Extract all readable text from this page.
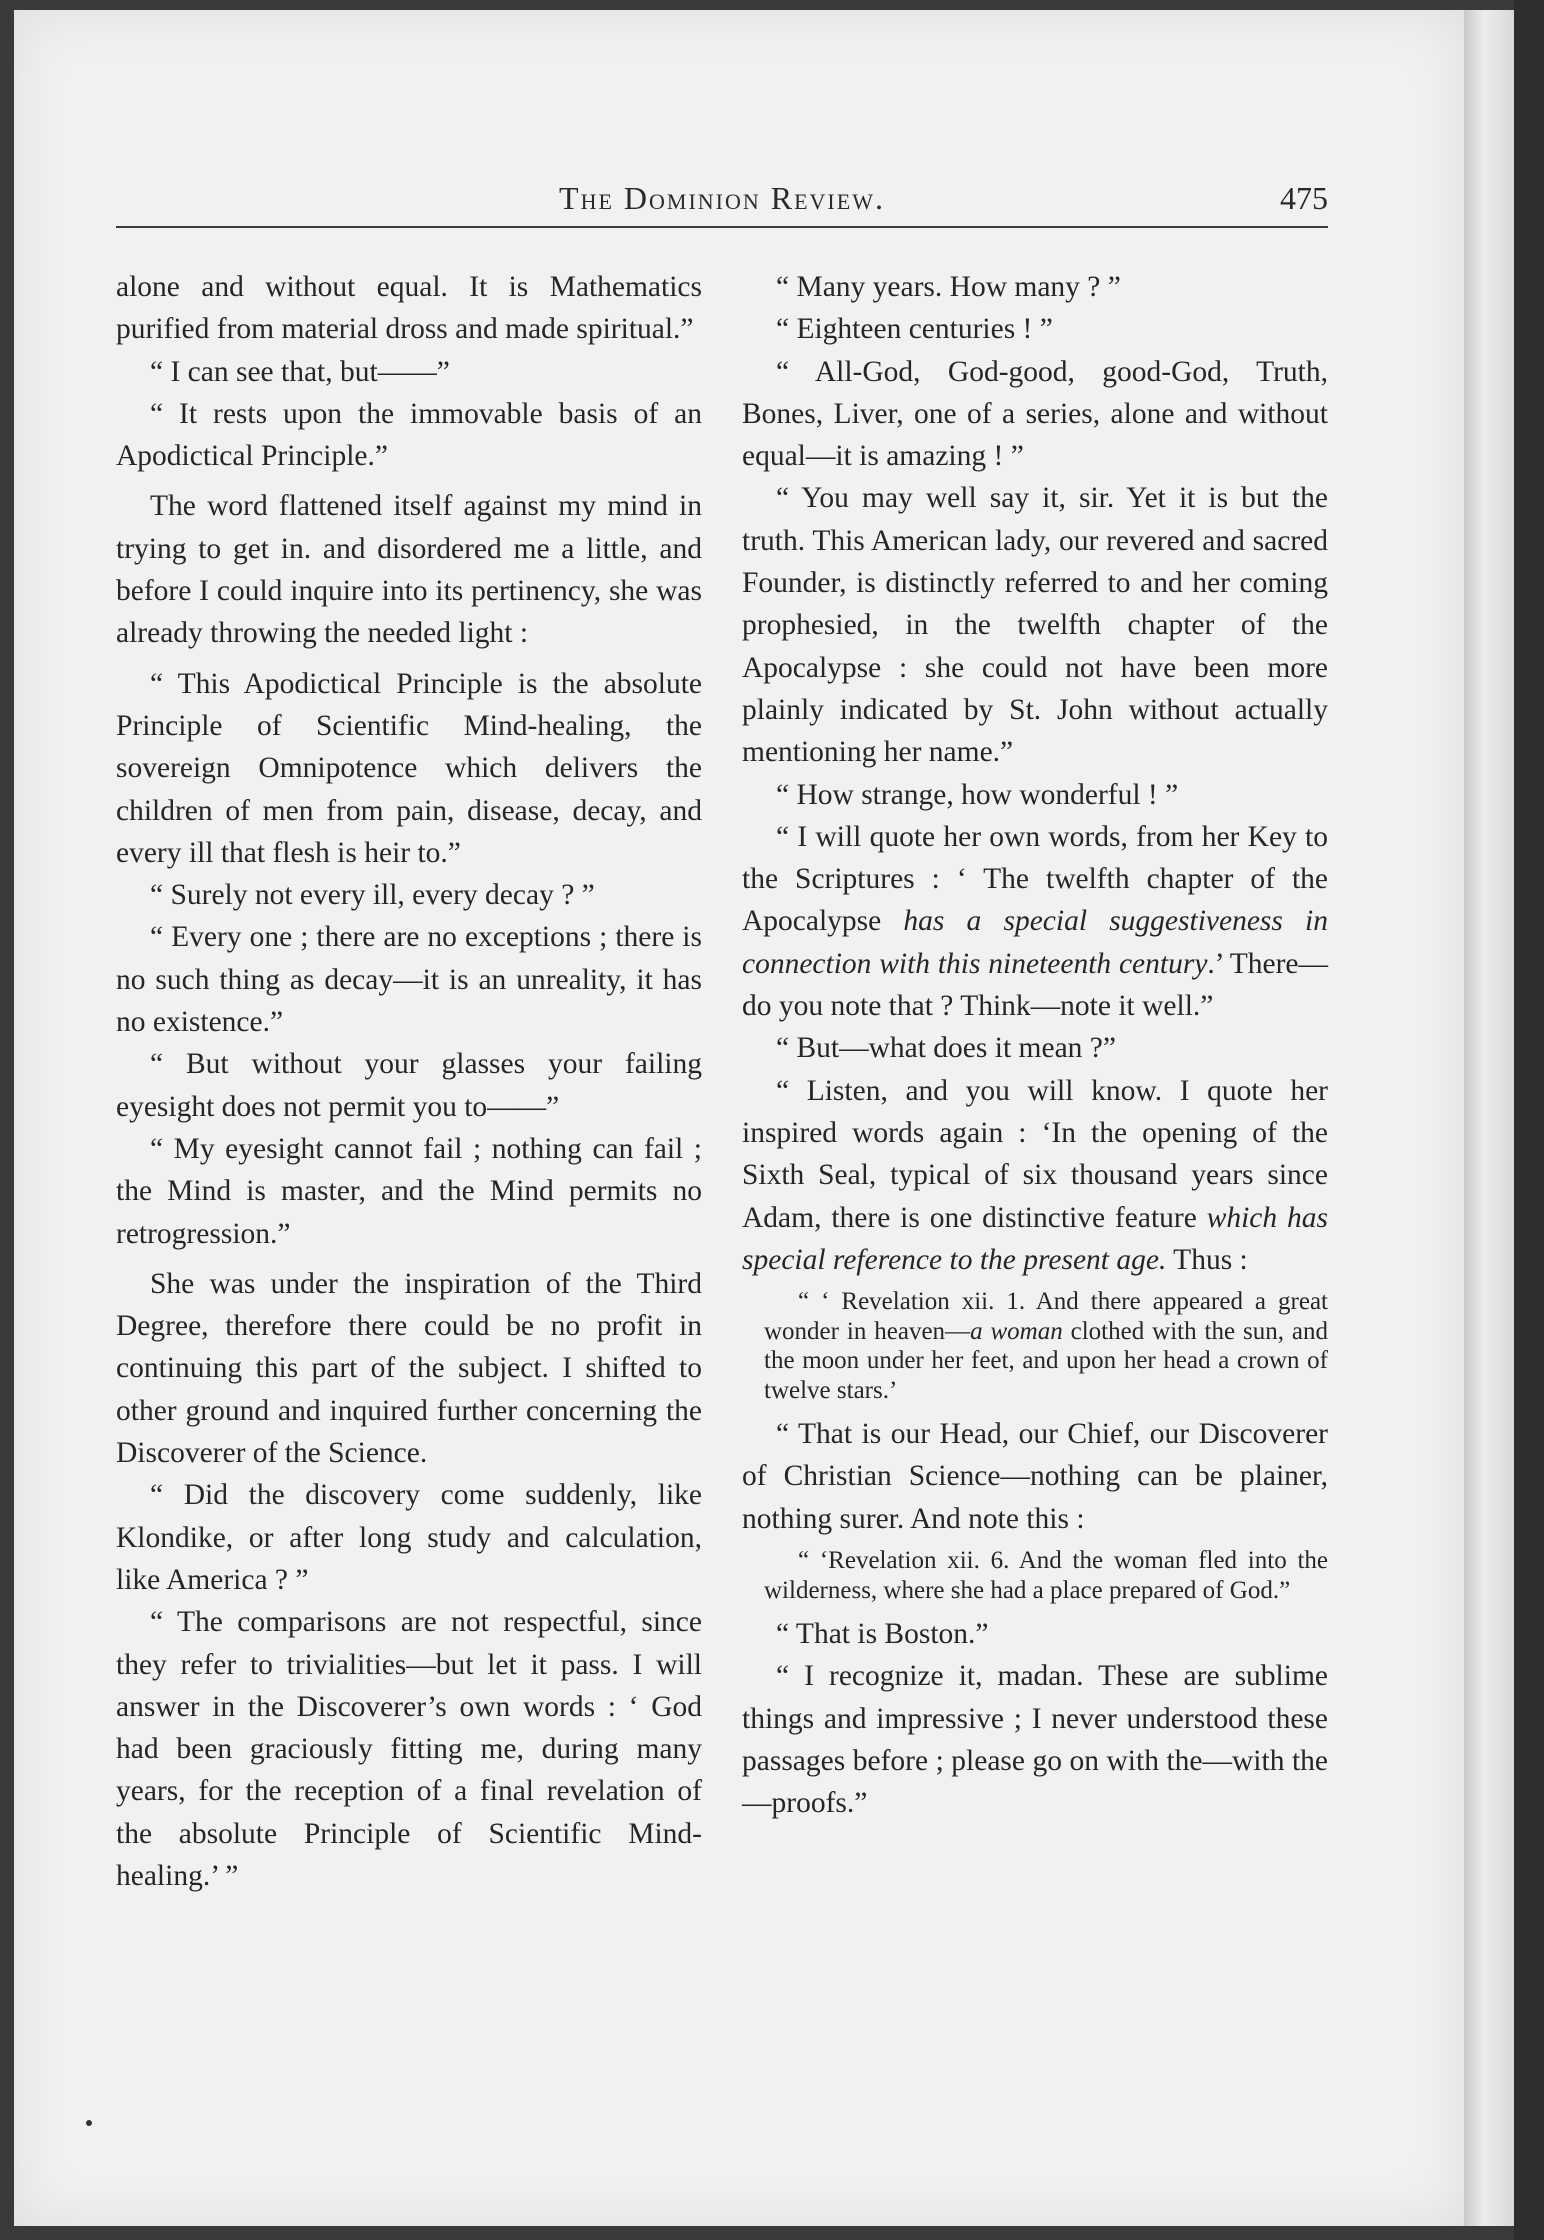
The Dominion Review.	475

alone and without equal. It is Mathematics purified from material dross and made spiritual.”

“ I can see that, but——”

“ It rests upon the immovable basis of an Apodictical Principle.”

The word flattened itself against my mind in trying to get in. and disordered me a little, and before I could inquire into its pertinency, she was already throwing the needed light :

“ This Apodictical Principle is the absolute Principle of Scientific Mind-healing, the sovereign Omnipotence which delivers the children of men from pain, disease, decay, and every ill that flesh is heir to.”

“ Surely not every ill, every decay ? ”

“ Every one ; there are no exceptions ; there is no such thing as decay—it is an unreality, it has no existence.”

“ But without your glasses your failing eyesight does not permit you to——”

“ My eyesight cannot fail ; nothing can fail ; the Mind is master, and the Mind permits no retrogression.”

She was under the inspiration of the Third Degree, therefore there could be no profit in continuing this part of the subject. I shifted to other ground and inquired further concerning the Discoverer of the Science.

“ Did the discovery come suddenly, like Klondike, or after long study and calculation, like America ? ”

“ The comparisons are not respectful, since they refer to trivialities—but let it pass. I will answer in the Discoverer’s own words : ‘ God had been graciously fitting me, during many years, for the reception of a final revelation of the absolute Principle of Scientific Mind-healing.’ ”

“ Many years. How many ? ”

“ Eighteen centuries ! ”

“ All-God, God-good, good-God, Truth, Bones, Liver, one of a series, alone and without equal—it is amazing ! ”

“ You may well say it, sir. Yet it is but the truth. This American lady, our revered and sacred Founder, is distinctly referred to and her coming prophesied, in the twelfth chapter of the Apocalypse : she could not have been more plainly indicated by St. John without actually mentioning her name.”

“ How strange, how wonderful ! ”

“ I will quote her own words, from her Key to the Scriptures : ‘ The twelfth chapter of the Apocalypse has a special suggestiveness in connection with this nineteenth century.’ There—do you note that ? Think—note it well.”

“ But—what does it mean ?”

“ Listen, and you will know. I quote her inspired words again : ‘In the opening of the Sixth Seal, typical of six thousand years since Adam, there is one distinctive feature which has special reference to the present age. Thus :

“ ‘ Revelation xii. 1. And there appeared a great wonder in heaven—a woman clothed with the sun, and the moon under her feet, and upon her head a crown of twelve stars.’

“ That is our Head, our Chief, our Discoverer of Christian Science—nothing can be plainer, nothing surer. And note this :

“ ‘Revelation xii. 6. And the woman fled into the wilderness, where she had a place prepared of God.”

“ That is Boston.”

“ I recognize it, madan. These are sublime things and impressive ; I never understood these passages before ; please go on with the—with the—proofs.”
